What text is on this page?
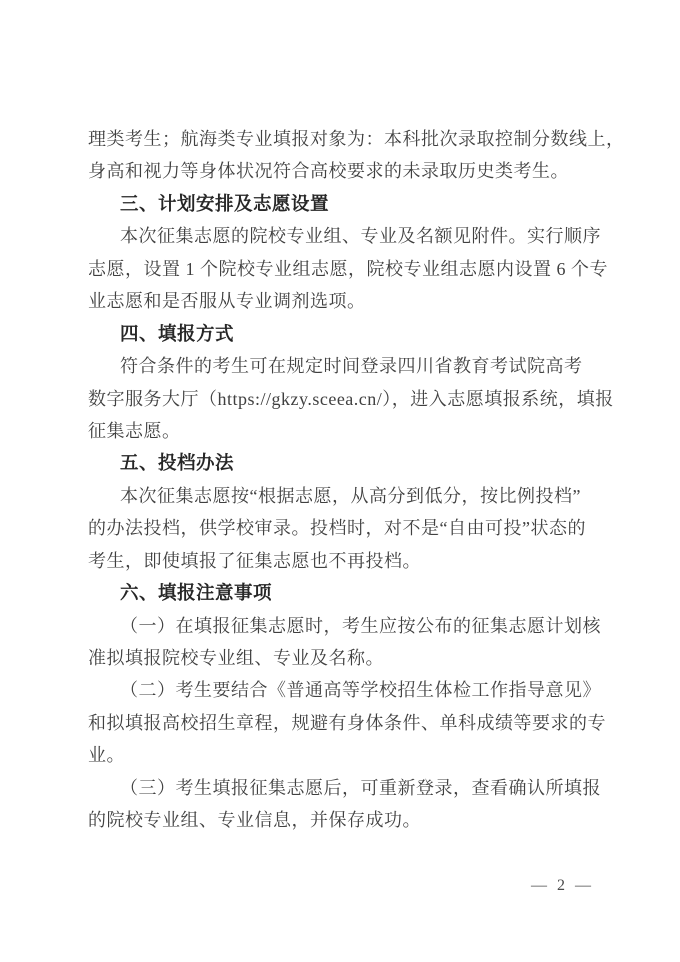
理类考生；航海类专业填报对象为：本科批次录取控制分数线上，

身高和视力等身体状况符合高校要求的未录取历史类考生。

三、计划安排及志愿设置

本次征集志愿的院校专业组、专业及名额见附件。实行顺序

志愿，设置 1 个院校专业组志愿，院校专业组志愿内设置 6 个专

业志愿和是否服从专业调剂选项。

四、填报方式

符合条件的考生可在规定时间登录四川省教育考试院高考

数字服务大厅（https://gkzy.sceea.cn/），进入志愿填报系统，填报

征集志愿。

五、投档办法

本次征集志愿按“根据志愿，从高分到低分，按比例投档”

的办法投档，供学校审录。投档时，对不是“自由可投”状态的

考生，即使填报了征集志愿也不再投档。

六、填报注意事项

（一）在填报征集志愿时，考生应按公布的征集志愿计划核

准拟填报院校专业组、专业及名称。

（二）考生要结合《普通高等学校招生体检工作指导意见》

和拟填报高校招生章程，规避有身体条件、单科成绩等要求的专

业。

（三）考生填报征集志愿后，可重新登录，查看确认所填报

的院校专业组、专业信息，并保存成功。

— 2 —
